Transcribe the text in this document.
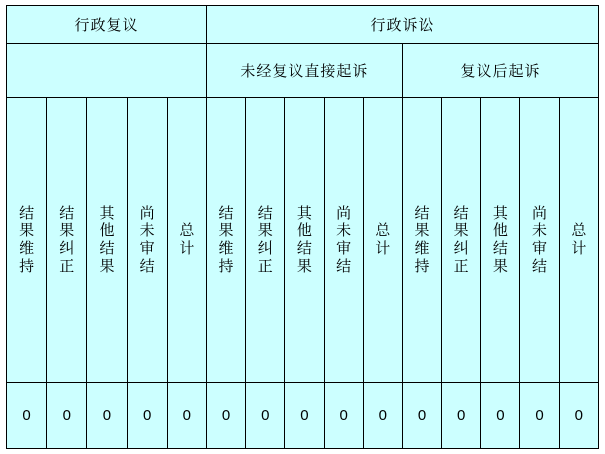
行政复议					行政诉讼									
					未经复议直接起诉					复议后起诉				
结果维持	结果纠正	其他结果	尚未审结	总计	结果维持	结果纠正	其他结果	尚未审结	总计	结果维持	结果纠正	其他结果	尚未审结	总计
0	0	0	0	0	0	0	0	0	0	0	0	0	0	0
